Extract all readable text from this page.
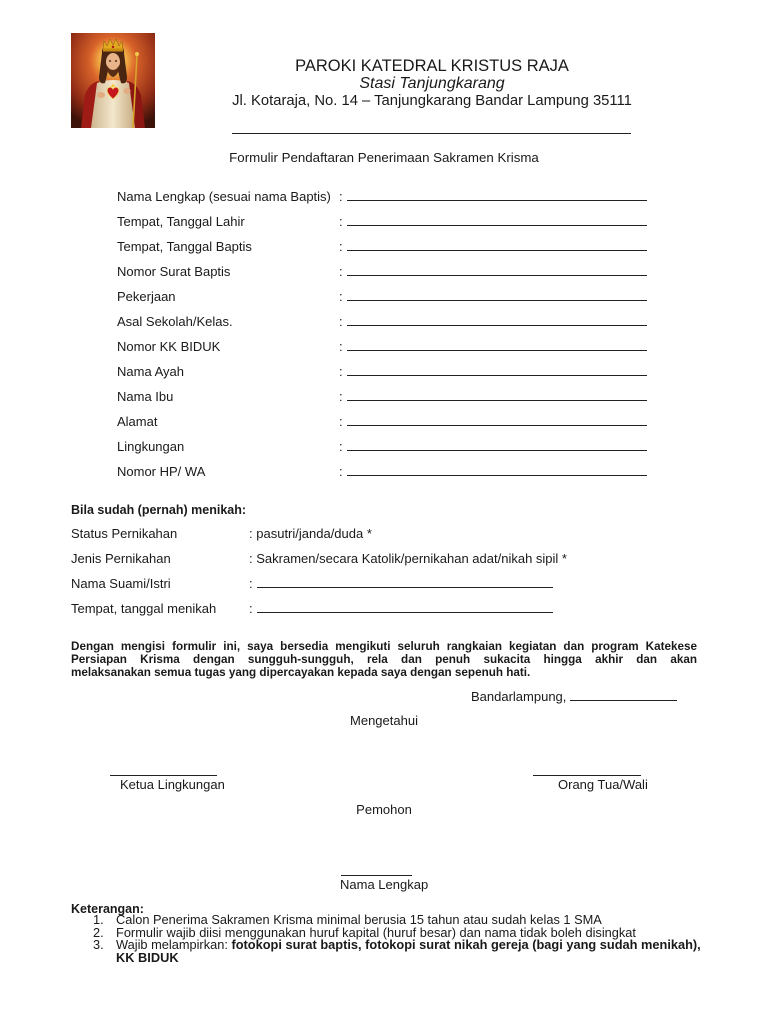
PAROKI KATEDRAL KRISTUS RAJA
Stasi Tanjungkarang
Jl. Kotaraja, No. 14 – Tanjungkarang Bandar Lampung 35111
Formulir Pendaftaran Penerimaan Sakramen Krisma
Nama Lengkap (sesuai nama Baptis) :
Tempat, Tanggal Lahir	:
Tempat, Tanggal Baptis	:
Nomor Surat Baptis	:
Pekerjaan	:
Asal Sekolah/Kelas.	:
Nomor KK BIDUK	:
Nama Ayah	:
Nama Ibu	:
Alamat	:
Lingkungan	:
Nomor HP/ WA	:
Bila sudah (pernah) menikah:
Status Pernikahan	: pasutri/janda/duda *
Jenis Pernikahan	: Sakramen/secara Katolik/pernikahan adat/nikah sipil *
Nama Suami/Istri	:
Tempat, tanggal menikah	:
Dengan mengisi formulir ini, saya bersedia mengikuti seluruh rangkaian kegiatan dan program Katekese
Persiapan Krisma dengan sungguh-sungguh, rela dan penuh sukacita hingga akhir dan akan
melaksanakan semua tugas yang dipercayakan kepada saya dengan sepenuh hati.
Bandarlampung,
Mengetahui
Ketua Lingkungan	Orang Tua/Wali
Pemohon
Nama Lengkap
Keterangan:
1. Calon Penerima Sakramen Krisma minimal berusia 15 tahun atau sudah kelas 1 SMA
2. Formulir wajib diisi menggunakan huruf kapital (huruf besar) dan nama tidak boleh disingkat
3. Wajib melampirkan: fotokopi surat baptis, fotokopi surat nikah gereja (bagi yang sudah menikah), KK BIDUK
